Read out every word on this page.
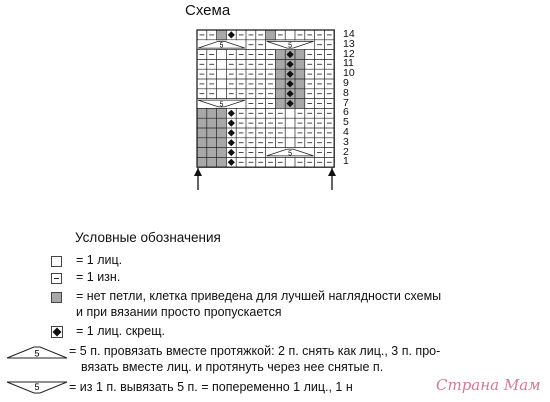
Схема
5	5
5
5
14
13
12
11
10
9
8
7
6
5
4
3
2
1
Условные обозначения
= 1 лиц.
= 1 изн.
= нет петли, клетка приведена для лучшей наглядности схемы
и при вязании просто пропускается
= 1 лиц. скрещ.
5 = 5 п. провязать вместе протяжкой: 2 п. снять как лиц., 3 п. про-
вязать вместе лиц. и протянуть через нее снятые п.
5 = из 1 п. вывязать 5 п. = попеременно 1 лиц., 1 н	Страна Мам
